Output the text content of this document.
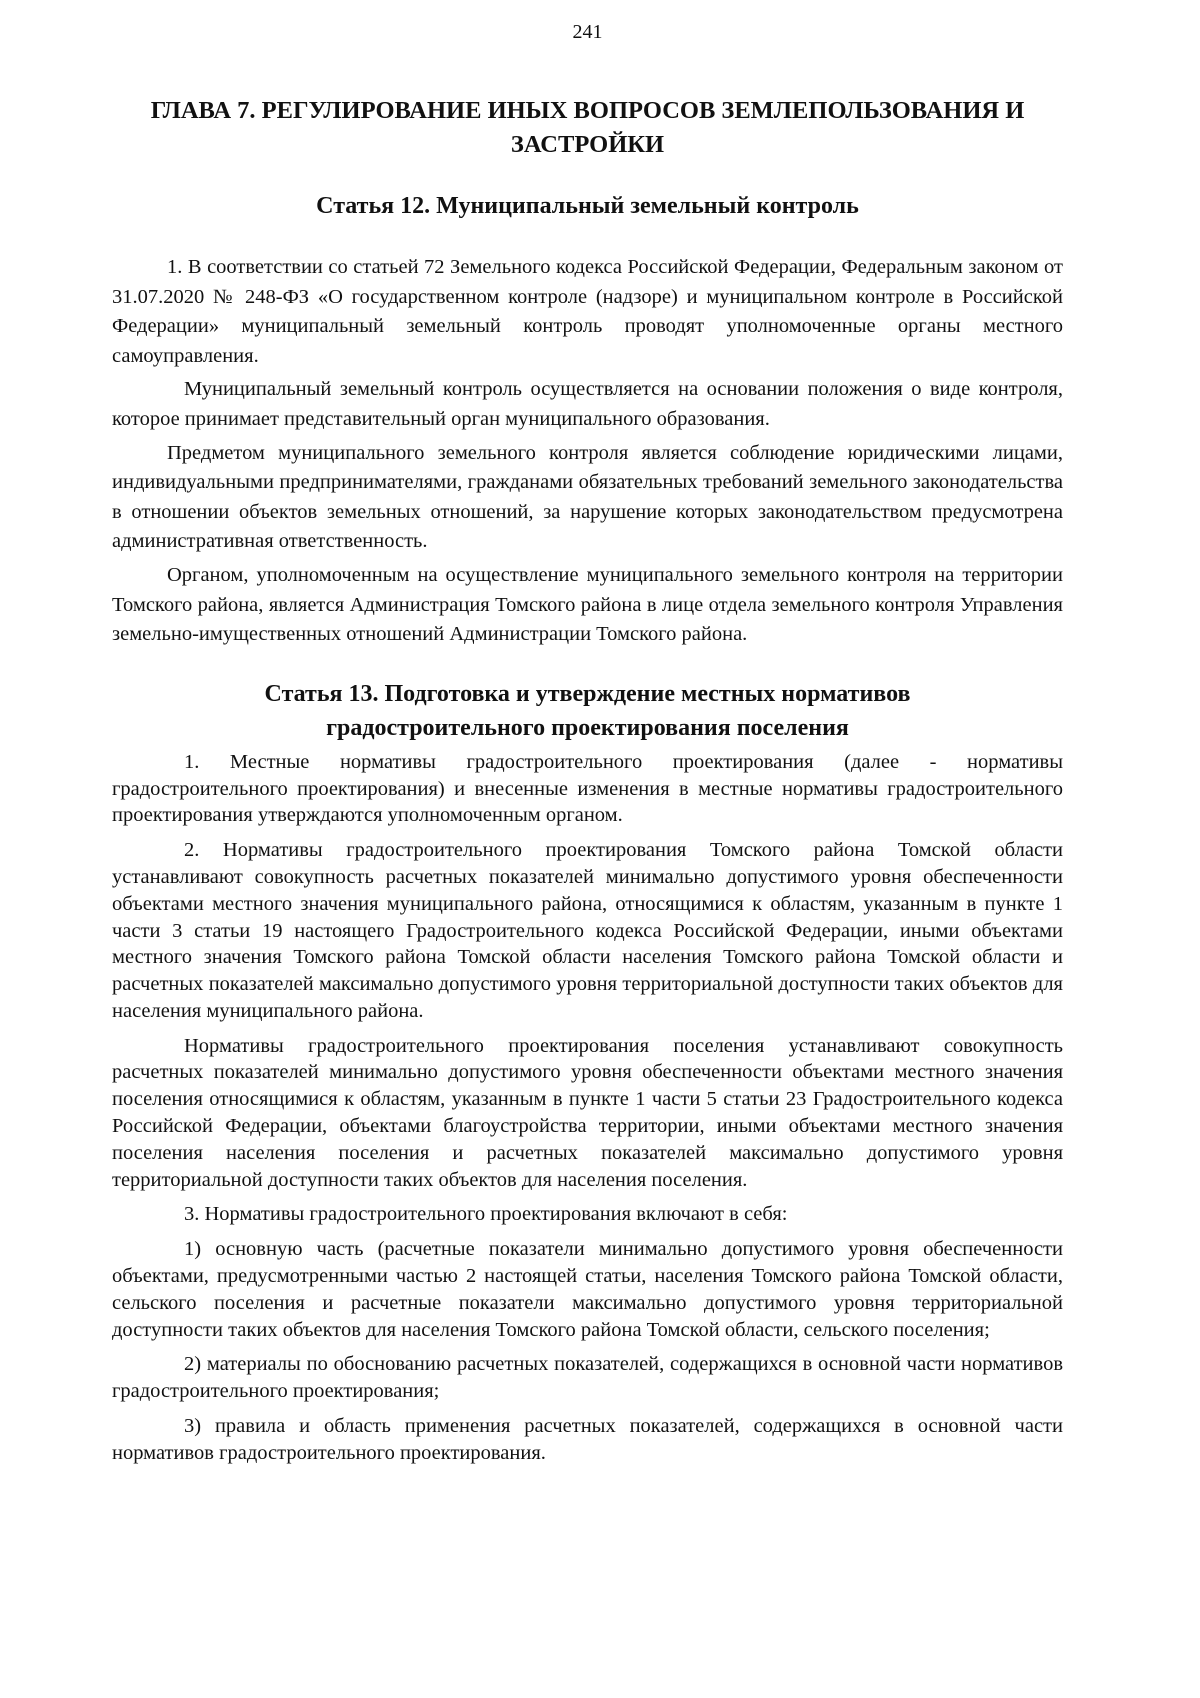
241
ГЛАВА 7. РЕГУЛИРОВАНИЕ ИНЫХ ВОПРОСОВ ЗЕМЛЕПОЛЬЗОВАНИЯ И ЗАСТРОЙКИ
Статья 12. Муниципальный земельный контроль

1. В соответствии со статьей 72 Земельного кодекса Российской Федерации, Федеральным законом от 31.07.2020 № 248-ФЗ «О государственном контроле (надзоре) и муниципальном контроле в Российской Федерации» муниципальный земельный контроль проводят уполномоченные органы местного самоуправления.

Муниципальный земельный контроль осуществляется на основании положения о виде контроля, которое принимает представительный орган муниципального образования.

Предметом муниципального земельного контроля является соблюдение юридическими лицами, индивидуальными предпринимателями, гражданами обязательных требований земельного законодательства в отношении объектов земельных отношений, за нарушение которых законодательством предусмотрена административная ответственность.

Органом, уполномоченным на осуществление муниципального земельного контроля на территории Томского района, является Администрация Томского района в лице отдела земельного контроля Управления земельно-имущественных отношений Администрации Томского района.

Статья 13. Подготовка и утверждение местных нормативов
градостроительного проектирования поселения

1. Местные нормативы градостроительного проектирования (далее - нормативы градостроительного проектирования) и внесенные изменения в местные нормативы градостроительного проектирования утверждаются уполномоченным органом.

2. Нормативы градостроительного проектирования Томского района Томской области устанавливают совокупность расчетных показателей минимально допустимого уровня обеспеченности объектами местного значения муниципального района, относящимися к областям, указанным в пункте 1 части 3 статьи 19 настоящего Градостроительного кодекса Российской Федерации, иными объектами местного значения Томского района Томской области населения Томского района Томской области и расчетных показателей максимально допустимого уровня территориальной доступности таких объектов для населения муниципального района.

Нормативы градостроительного проектирования поселения устанавливают совокупность расчетных показателей минимально допустимого уровня обеспеченности объектами местного значения поселения относящимися к областям, указанным в пункте 1 части 5 статьи 23 Градостроительного кодекса Российской Федерации, объектами благоустройства территории, иными объектами местного значения поселения населения поселения и расчетных показателей максимально допустимого уровня территориальной доступности таких объектов для населения поселения.

3. Нормативы градостроительного проектирования включают в себя:

1) основную часть (расчетные показатели минимально допустимого уровня обеспеченности объектами, предусмотренными частью 2 настоящей статьи, населения Томского района Томской области, сельского поселения и расчетные показатели максимально допустимого уровня территориальной доступности таких объектов для населения Томского района Томской области, сельского поселения;

2) материалы по обоснованию расчетных показателей, содержащихся в основной части нормативов градостроительного проектирования;

3) правила и область применения расчетных показателей, содержащихся в основной части нормативов градостроительного проектирования.
